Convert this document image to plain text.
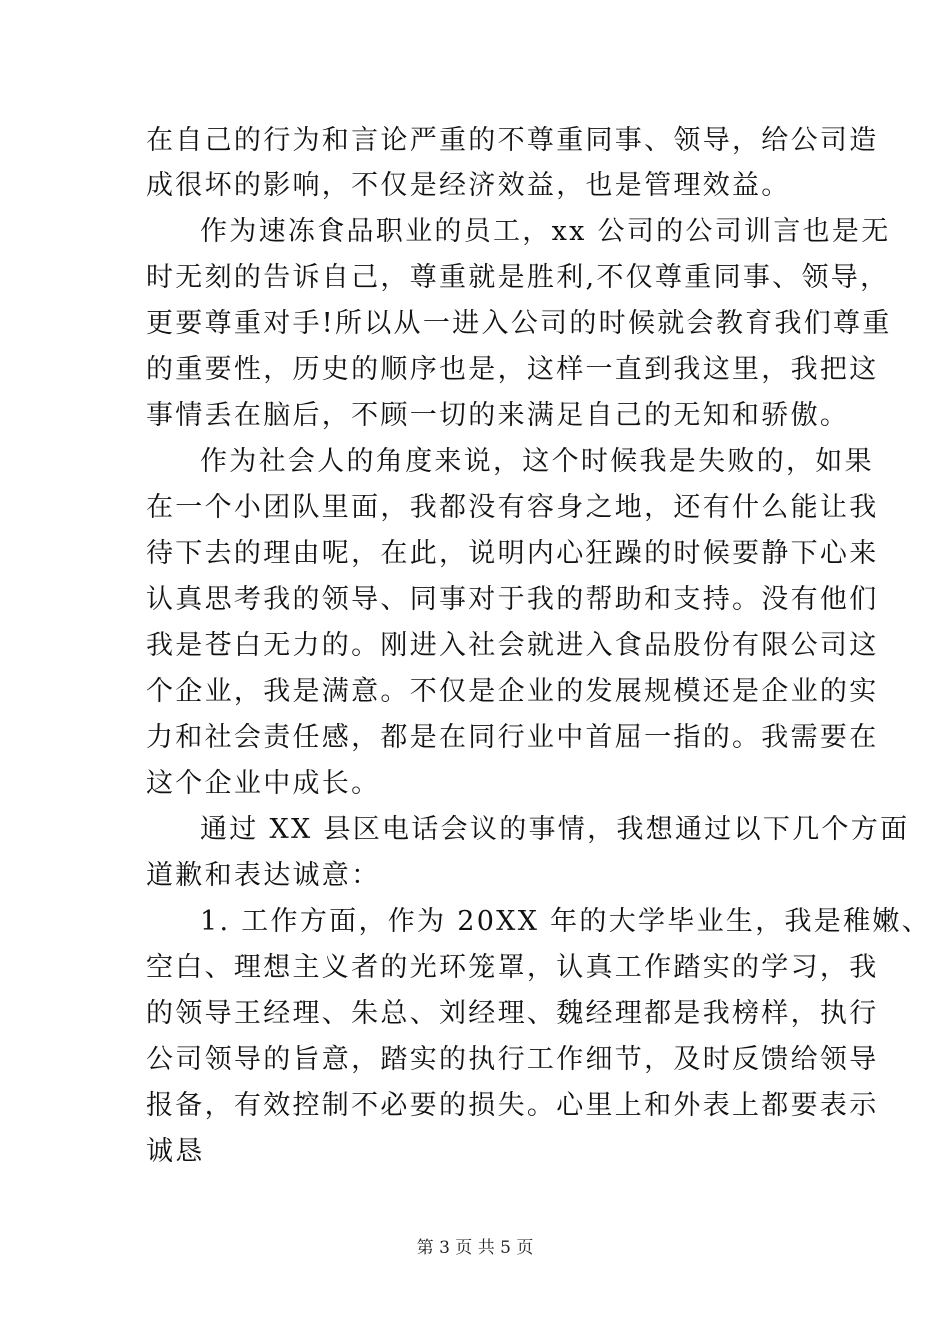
在自己的行为和言论严重的不尊重同事、领导，给公司造
成很坏的影响，不仅是经济效益，也是管理效益。
作为速冻食品职业的员工，xx 公司的公司训言也是无
时无刻的告诉自己，尊重就是胜利,不仅尊重同事、领导，
更要尊重对手!所以从一进入公司的时候就会教育我们尊重
的重要性，历史的顺序也是，这样一直到我这里，我把这
事情丢在脑后，不顾一切的来满足自己的无知和骄傲。
作为社会人的角度来说，这个时候我是失败的，如果
在一个小团队里面，我都没有容身之地，还有什么能让我
待下去的理由呢，在此，说明内心狂躁的时候要静下心来
认真思考我的领导、同事对于我的帮助和支持。没有他们
我是苍白无力的。刚进入社会就进入食品股份有限公司这
个企业，我是满意。不仅是企业的发展规模还是企业的实
力和社会责任感，都是在同行业中首屈一指的。我需要在
这个企业中成长。
通过 XX 县区电话会议的事情，我想通过以下几个方面
道歉和表达诚意：
1. 工作方面，作为 20XX 年的大学毕业生，我是稚嫩、
空白、理想主义者的光环笼罩，认真工作踏实的学习，我
的领导王经理、朱总、刘经理、魏经理都是我榜样，执行
公司领导的旨意，踏实的执行工作细节，及时反馈给领导
报备，有效控制不必要的损失。心里上和外表上都要表示
诚恳
第 3 页 共 5 页
